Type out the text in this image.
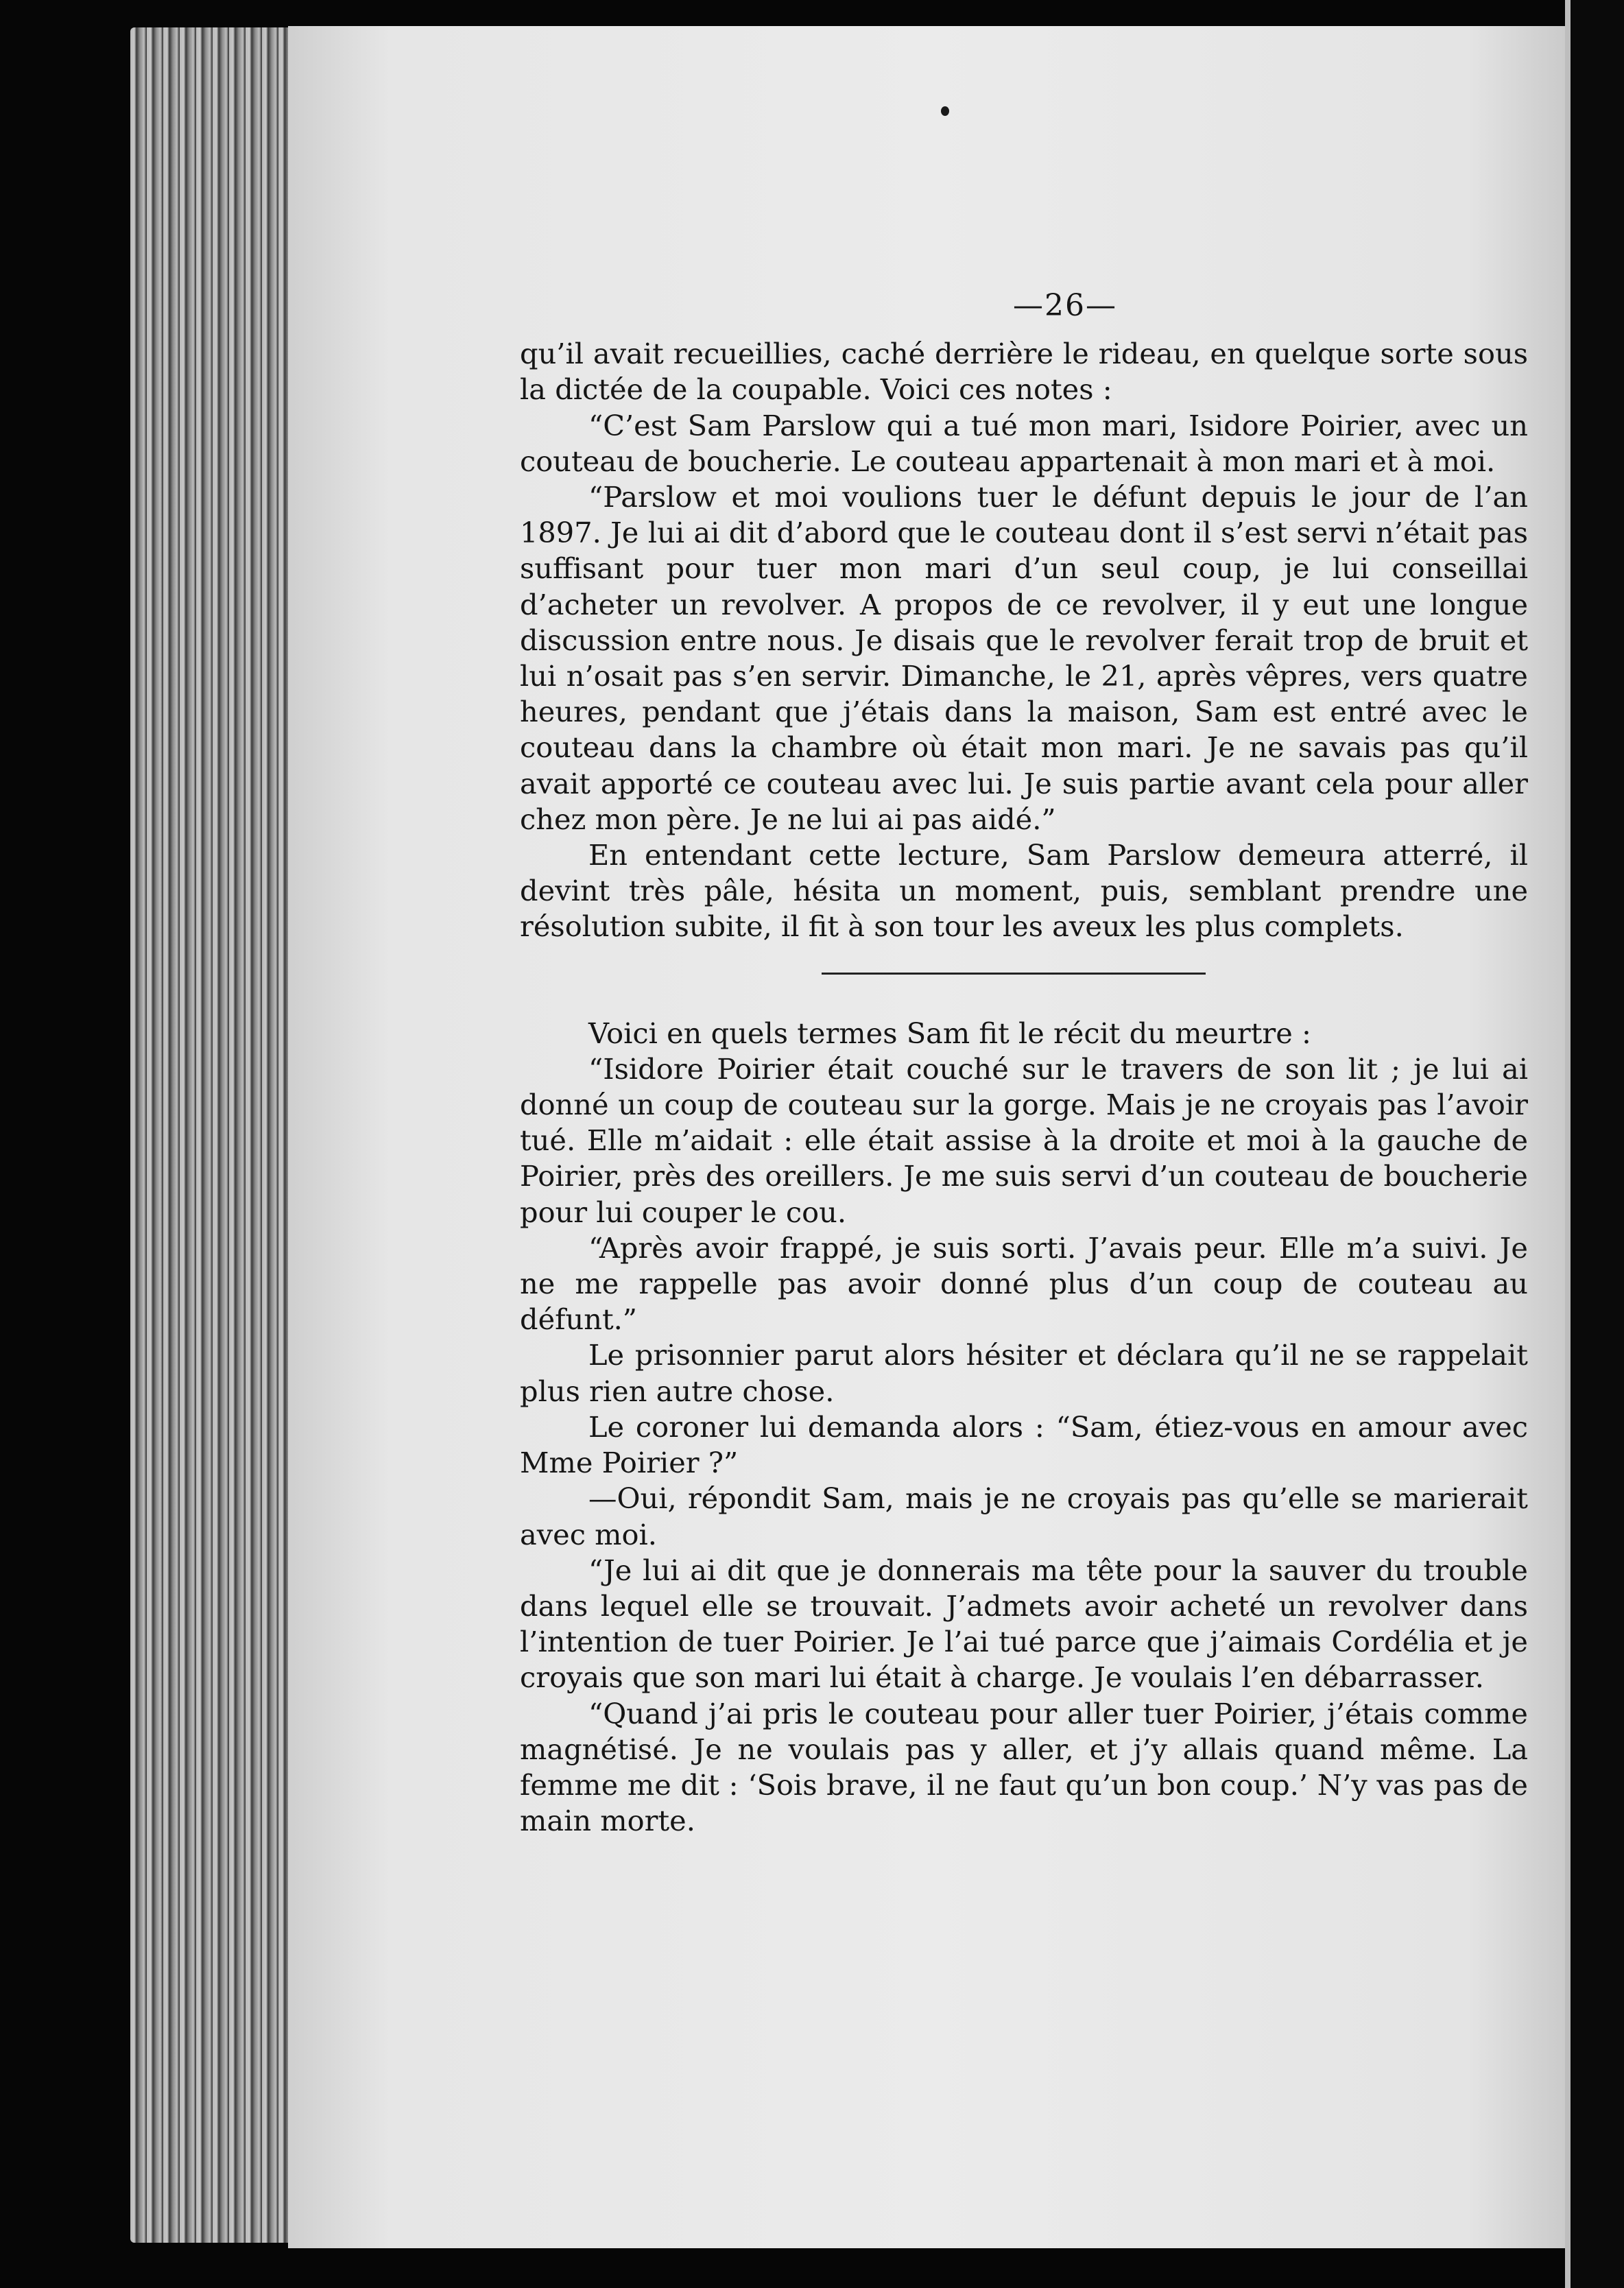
—26—

qu’il avait recueillies, caché derrière le rideau, en quelque sorte sous la dictée de la coupable. Voici ces notes :

“C’est Sam Parslow qui a tué mon mari, Isidore Poirier, avec un couteau de boucherie. Le couteau appartenait à mon mari et à moi.

“Parslow et moi voulions tuer le défunt depuis le jour de l’an 1897. Je lui ai dit d’abord que le couteau dont il s’est servi n’était pas suffisant pour tuer mon mari d’un seul coup, je lui conseillai d’acheter un revolver. A propos de ce revolver, il y eut une longue discussion entre nous. Je disais que le revolver ferait trop de bruit et lui n’osait pas s’en servir. Dimanche, le 21, après vêpres, vers quatre heures, pendant que j’étais dans la maison, Sam est entré avec le couteau dans la chambre où était mon mari. Je ne savais pas qu’il avait apporté ce couteau avec lui. Je suis partie avant cela pour aller chez mon père. Je ne lui ai pas aidé.”

En entendant cette lecture, Sam Parslow demeura atterré, il devint très pâle, hésita un moment, puis, semblant prendre une résolution subite, il fit à son tour les aveux les plus complets.

Voici en quels termes Sam fit le récit du meurtre :

“Isidore Poirier était couché sur le travers de son lit ; je lui ai donné un coup de couteau sur la gorge. Mais je ne croyais pas l’avoir tué. Elle m’aidait : elle était assise à la droite et moi à la gauche de Poirier, près des oreillers. Je me suis servi d’un couteau de boucherie pour lui couper le cou.

“Après avoir frappé, je suis sorti. J’avais peur. Elle m’a suivi. Je ne me rappelle pas avoir donné plus d’un coup de couteau au défunt.”

Le prisonnier parut alors hésiter et déclara qu’il ne se rappelait plus rien autre chose.

Le coroner lui demanda alors : “Sam, étiez-vous en amour avec Mme Poirier ?”

—Oui, répondit Sam, mais je ne croyais pas qu’elle se marierait avec moi.

“Je lui ai dit que je donnerais ma tête pour la sauver du trouble dans lequel elle se trouvait. J’admets avoir acheté un revolver dans l’intention de tuer Poirier. Je l’ai tué parce que j’aimais Cordélia et je croyais que son mari lui était à charge. Je voulais l’en débarrasser.

“Quand j’ai pris le couteau pour aller tuer Poirier, j’étais comme magnétisé. Je ne voulais pas y aller, et j’y allais quand même. La femme me dit : ‘Sois brave, il ne faut qu’un bon coup.’ N’y vas pas de main morte.
